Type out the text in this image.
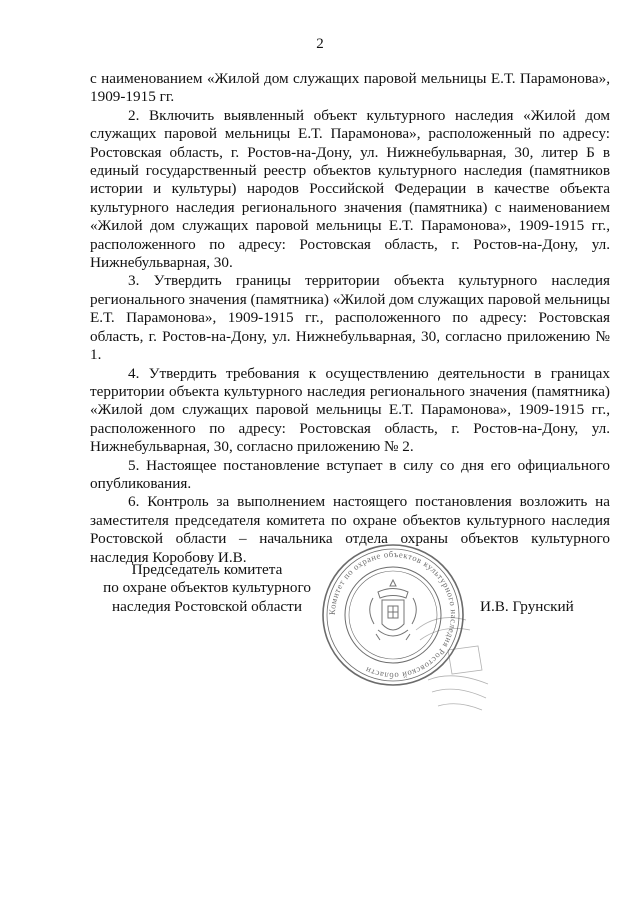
2

с наименованием «Жилой дом служащих паровой мельницы Е.Т. Парамонова», 1909-1915 гг.

2. Включить выявленный объект культурного наследия «Жилой дом служащих паровой мельницы Е.Т. Парамонова», расположенный по адресу: Ростовская область, г. Ростов-на-Дону, ул. Нижнебульварная, 30, литер Б в единый государственный реестр объектов культурного наследия (памятников истории и культуры) народов Российской Федерации в качестве объекта культурного наследия регионального значения (памятника) с наименованием «Жилой дом служащих паровой мельницы Е.Т. Парамонова», 1909-1915 гг., расположенного по адресу: Ростовская область, г. Ростов-на-Дону, ул. Нижнебульварная, 30.

3. Утвердить границы территории объекта культурного наследия регионального значения (памятника) «Жилой дом служащих паровой мельницы Е.Т. Парамонова», 1909-1915 гг., расположенного по адресу: Ростовская область, г. Ростов-на-Дону, ул. Нижнебульварная, 30, согласно приложению № 1.

4. Утвердить требования к осуществлению деятельности в границах территории объекта культурного наследия регионального значения (памятника) «Жилой дом служащих паровой мельницы Е.Т. Парамонова», 1909-1915 гг., расположенного по адресу: Ростовская область, г. Ростов-на-Дону, ул. Нижнебульварная, 30, согласно приложению № 2.

5. Настоящее постановление вступает в силу со дня его официального опубликования.

6. Контроль за выполнением настоящего постановления возложить на заместителя председателя комитета по охране объектов культурного наследия Ростовской области – начальника отдела охраны объектов культурного наследия Коробову И.В.

Председатель комитета
по охране объектов культурного
наследия Ростовской области	Комитет по охране объектов культурного наследия Ростовской области
И.В. Грунский
